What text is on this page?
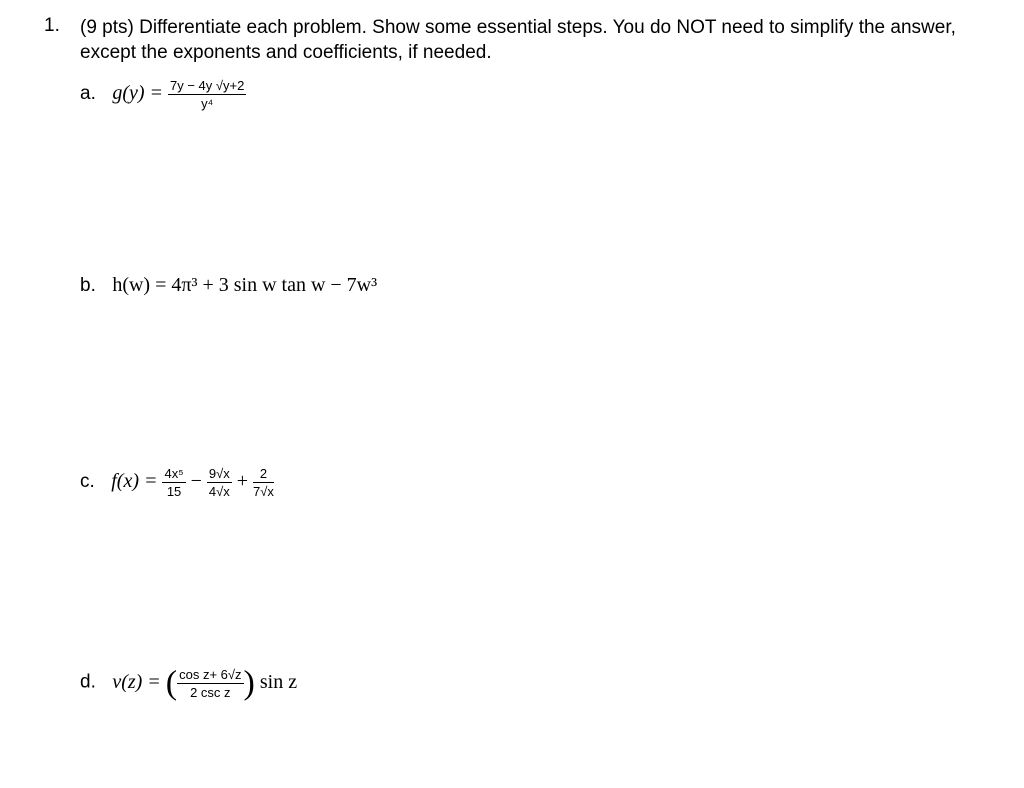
1. (9 pts) Differentiate each problem. Show some essential steps. You do NOT need to simplify the answer, except the exponents and coefficients, if needed.
a. $g(y) = \frac{7y - 4y √y+2}{\text{y⁴}}$
b. h(w) = 4π³ + 3 sin w tan w − 7w³
c. $f(x) = \frac{\text{4x⁵}}{15} - \frac{9√x}{4√x} + \frac{2}{7√x}$
d. v(z) = ( $\frac{\text{cos z+ 6√z}}{\text{2 csc z}}$ ) sin z
